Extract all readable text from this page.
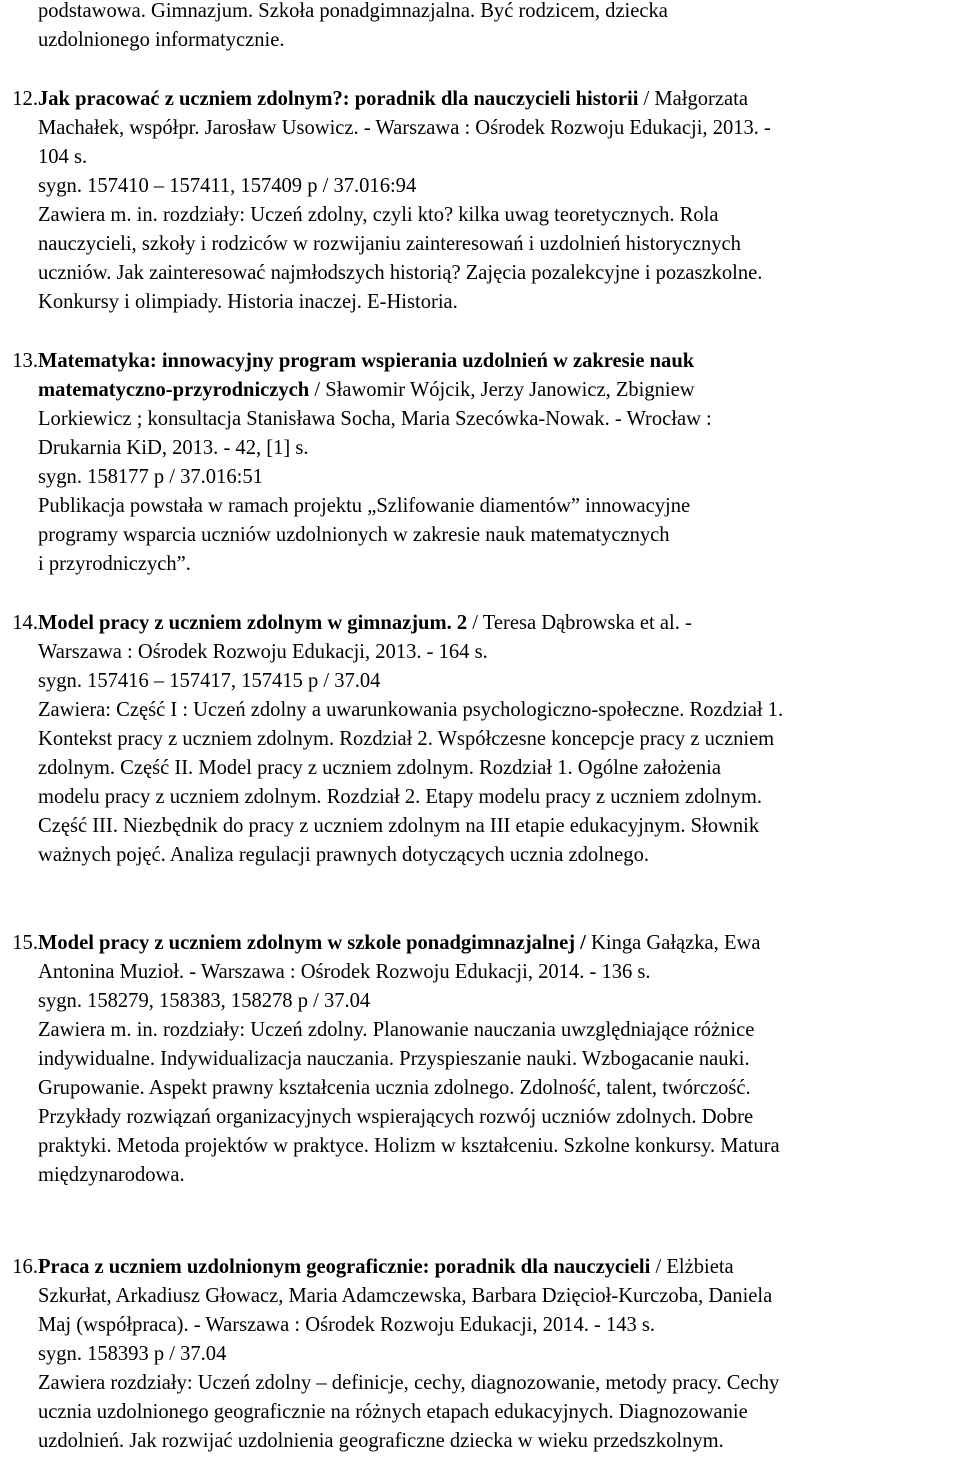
podstawowa. Gimnazjum. Szkoła ponadgimnazjalna. Być rodzicem, dziecka
uzdolnionego informatycznie.
12. Jak pracować z uczniem zdolnym?: poradnik dla nauczycieli historii / Małgorzata
Machałek, współpr. Jarosław Usowicz. - Warszawa : Ośrodek Rozwoju Edukacji, 2013. -
104 s.
sygn. 157410 – 157411, 157409 p / 37.016:94
Zawiera m. in. rozdziały: Uczeń zdolny, czyli kto? kilka uwag teoretycznych. Rola
nauczycieli, szkoły i rodziców w rozwijaniu zainteresowań i uzdolnień historycznych
uczniów. Jak zainteresować najmłodszych historią? Zajęcia pozalekcyjne i pozaszkolne.
Konkursy i olimpiady. Historia inaczej. E-Historia.
13. Matematyka: innowacyjny program wspierania uzdolnień w zakresie nauk
matematyczno-przyrodniczych / Sławomir Wójcik, Jerzy Janowicz, Zbigniew
Lorkiewicz ; konsultacja Stanisława Socha, Maria Szecówka-Nowak. - Wrocław :
Drukarnia KiD, 2013. - 42, [1] s.
sygn. 158177 p / 37.016:51
Publikacja powstała w ramach projektu „Szlifowanie diamentów” innowacyjne
programy wsparcia uczniów uzdolnionych w zakresie nauk matematycznych
i przyrodniczych”.
14. Model pracy z uczniem zdolnym w gimnazjum. 2 / Teresa Dąbrowska et al. -
Warszawa : Ośrodek Rozwoju Edukacji, 2013. - 164 s.
sygn. 157416 – 157417, 157415 p / 37.04
Zawiera: Część I : Uczeń zdolny a uwarunkowania psychologiczno-społeczne. Rozdział 1.
Kontekst pracy z uczniem zdolnym. Rozdział 2. Współczesne koncepcje pracy z uczniem
zdolnym. Część II. Model pracy z uczniem zdolnym. Rozdział 1. Ogólne założenia
modelu pracy z uczniem zdolnym. Rozdział 2. Etapy modelu pracy z uczniem zdolnym.
Część III. Niezbędnik do pracy z uczniem zdolnym na III etapie edukacyjnym. Słownik
ważnych pojęć. Analiza regulacji prawnych dotyczących ucznia zdolnego.
15. Model pracy z uczniem zdolnym w szkole ponadgimnazjalnej / Kinga Gałązka, Ewa
Antonina Muzioł. - Warszawa : Ośrodek Rozwoju Edukacji, 2014. - 136 s.
sygn. 158279, 158383, 158278 p / 37.04
Zawiera m. in. rozdziały: Uczeń zdolny. Planowanie nauczania uwzględniające różnice
indywidualne. Indywidualizacja nauczania. Przyspieszanie nauki. Wzbogacanie nauki.
Grupowanie. Aspekt prawny kształcenia ucznia zdolnego. Zdolność, talent, twórczość.
Przykłady rozwiązań organizacyjnych wspierających rozwój uczniów zdolnych. Dobre
praktyki. Metoda projektów w praktyce. Holizm w kształceniu. Szkolne konkursy. Matura
międzynarodowa.
16. Praca z uczniem uzdolnionym geograficznie: poradnik dla nauczycieli / Elżbieta
Szkurłat, Arkadiusz Głowacz, Maria Adamczewska, Barbara Dzięcioł-Kurczoba, Daniela
Maj (współpraca). - Warszawa : Ośrodek Rozwoju Edukacji, 2014. - 143 s.
sygn. 158393 p / 37.04
Zawiera rozdziały: Uczeń zdolny – definicje, cechy, diagnozowanie, metody pracy. Cechy
ucznia uzdolnionego geograficznie na różnych etapach edukacyjnych. Diagnozowanie
uzdolnień. Jak rozwijać uzdolnienia geograficzne dziecka w wieku przedszkolnym.
